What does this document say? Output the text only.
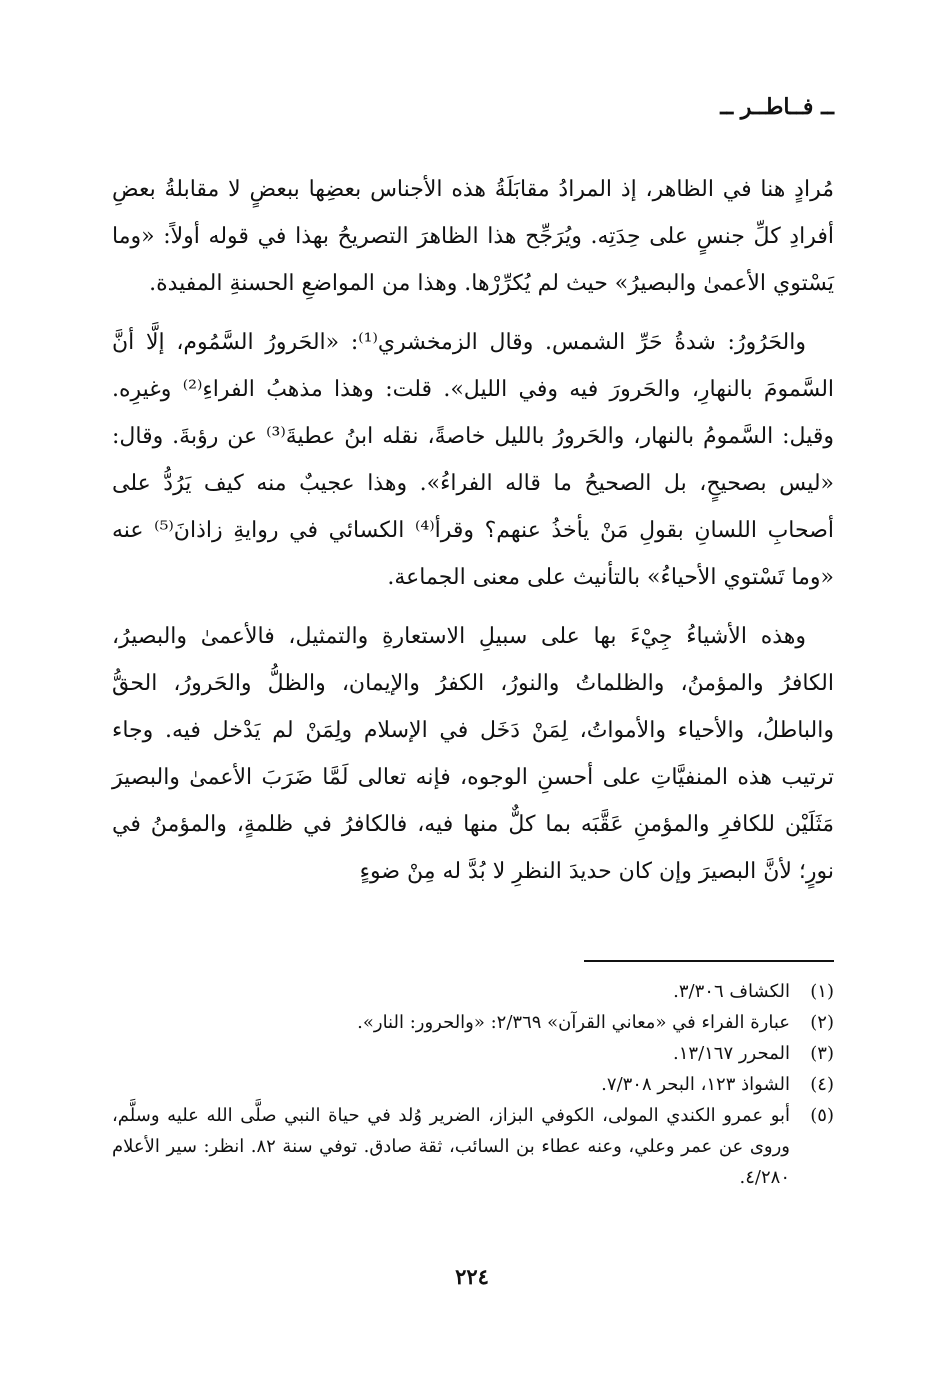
ــ فــاطــر ــ

مُرادٍ هنا في الظاهر، إذ المرادُ مقابَلَةُ هذه الأجناس بعضِها ببعضٍ لا مقابلةُ بعضِ أفرادِ كلِّ جنسٍ على حِدَتِه. ويُرَجِّح هذا الظاهرَ التصريحُ بهذا في قوله أولاً: «وما يَسْتوي الأعمىٰ والبصيرُ» حيث لم يُكرِّرْها. وهذا من المواضعِ الحسنةِ المفيدة.

والحَرُورُ: شدةُ حَرِّ الشمس. وقال الزمخشري⁽¹⁾: «الحَرورُ السَّمُوم، إلَّا أنَّ السَّمومَ بالنهارِ، والحَرورَ فيه وفي الليل». قلت: وهذا مذهبُ الفراءِ⁽²⁾ وغيرِه. وقيل: السَّمومُ بالنهار، والحَرورُ بالليل خاصةً، نقله ابنُ عطيةَ⁽³⁾ عن رؤبةَ. وقال: «ليس بصحيحٍ، بل الصحيحُ ما قاله الفراءُ». وهذا عجيبٌ منه كيف يَرُدُّ على أصحابِ اللسانِ بقولِ مَنْ يأخذُ عنهم؟ وقرأ⁽⁴⁾ الكسائي في روايةِ زاذانَ⁽⁵⁾ عنه «وما تَسْتوي الأحياءُ» بالتأنيث على معنى الجماعة.

وهذه الأشياءُ جِيْءَ بها على سبيلِ الاستعارةِ والتمثيل، فالأعمىٰ والبصيرُ، الكافرُ والمؤمنُ، والظلماتُ والنورُ، الكفرُ والإيمان، والظلُّ والحَرورُ، الحقُّ والباطلُ، والأحياء والأمواتُ، لِمَنْ دَخَل في الإسلام ولِمَنْ لم يَدْخل فيه. وجاء ترتيب هذه المنفيَّاتِ على أحسنِ الوجوه، فإنه تعالى لَمَّا ضَرَبَ الأعمىٰ والبصيرَ مَثَلَيْن للكافرِ والمؤمنِ عَقَّبَه بما كلٌّ منها فيه، فالكافرُ في ظلمةٍ، والمؤمنُ في نورٍ؛ لأنَّ البصيرَ وإن كان حديدَ النظرِ لا بُدَّ له مِنْ ضوءٍ

(١)
الكشاف ٣/٣٠٦.
(٢)
عبارة الفراء في «معاني القرآن» ٢/٣٦٩: «والحرور: النار».
(٣)
المحرر ١٣/١٦٧.
(٤)
الشواذ ١٢٣، البحر ٧/٣٠٨.
(٥)
أبو عمرو الكندي المولى، الكوفي البزاز، الضرير وُلد في حياة النبي صلَّى الله عليه وسلَّم، وروى عن عمر وعلي، وعنه عطاء بن السائب، ثقة صادق. توفي سنة ٨٢. انظر: سير الأعلام ٤/٢٨٠.
٢٢٤
